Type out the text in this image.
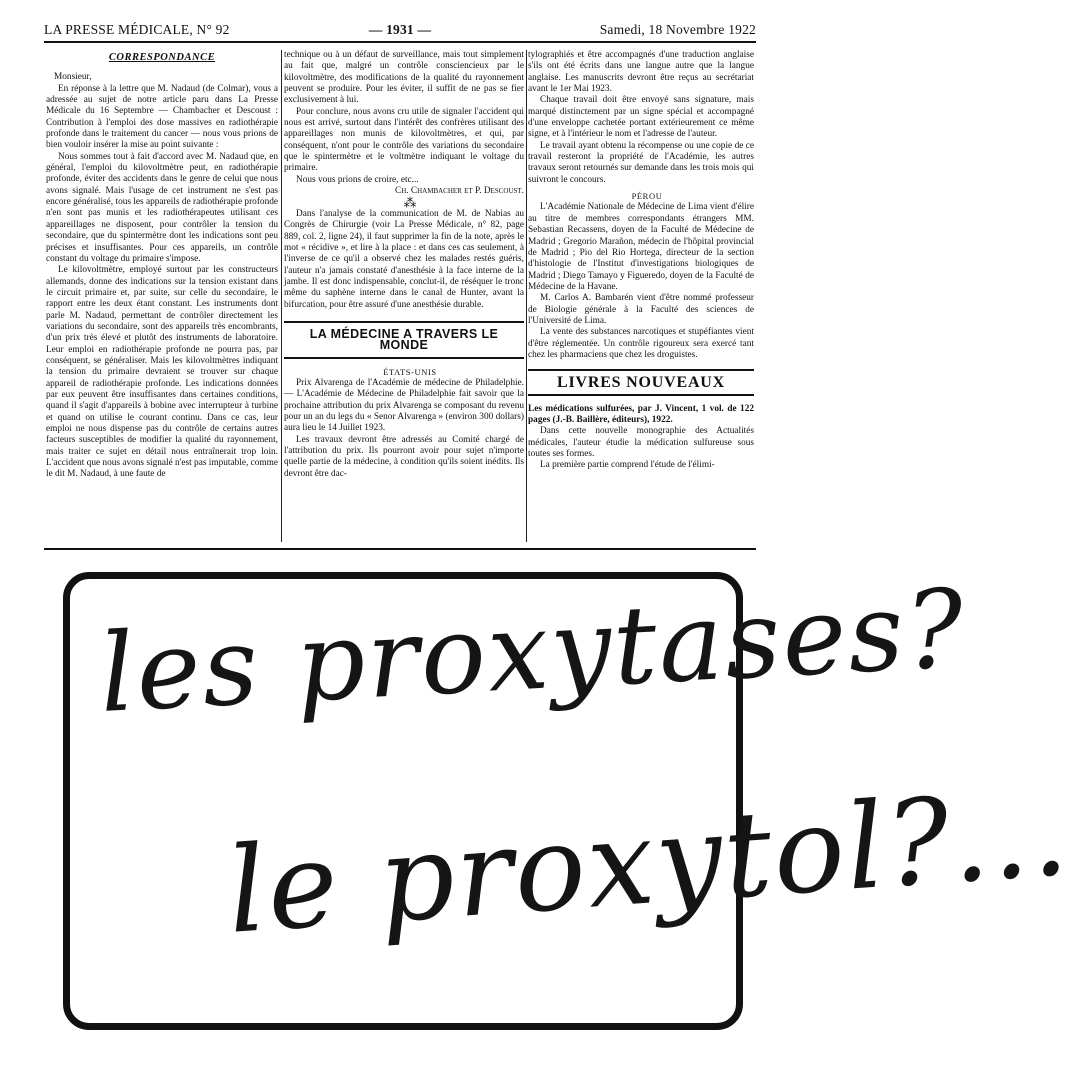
LA PRESSE MÉDICALE, N° 92	— 1931 —	Samedi, 18 Novembre 1922
CORRESPONDANCE

Monsieur,

En réponse à la lettre que M. Nadaud (de Colmar), vous a adressée au sujet de notre article paru dans La Presse Médicale du 16 Septembre — Chambacher et Descoust : Contribution à l'emploi des dose massives en radiothérapie profonde dans le traitement du cancer — nous vous prions de bien vouloir insérer la mise au point suivante :

Nous sommes tout à fait d'accord avec M. Nadaud que, en général, l'emploi du kilovoltmètre peut, en radiothérapie profonde, éviter des accidents dans le genre de celui que nous avons signalé. Mais l'usage de cet instrument ne s'est pas encore généralisé, tous les appareils de radiothérapie profonde n'en sont pas munis et les radiothérapeutes utilisant ces appareillages ne disposent, pour contrôler la tension du secondaire, que du spintermètre dont les indications sont peu précises et insuffisantes. Pour ces appareils, un contrôle constant du voltage du primaire s'impose.

Le kilovoltmètre, employé surtout par les constructeurs allemands, donne des indications sur la tension existant dans le circuit primaire et, par suite, sur celle du secondaire, le rapport entre les deux étant constant. Les instruments dont parle M. Nadaud, permettant de contrôler directement les variations du secondaire, sont des appareils très encombrants, d'un prix très élevé et plutôt des instruments de laboratoire. Leur emploi en radiothérapie profonde ne pourra pas, par conséquent, se généraliser. Mais les kilovoltmètres indiquant la tension du primaire devraient se trouver sur chaque appareil de radiothérapie profonde. Les indications données par eux peuvent être insuffisantes dans certaines conditions, quand il s'agit d'appareils à bobine avec interrupteur à turbine et quand on utilise le courant continu. Dans ce cas, leur emploi ne nous dispense pas du contrôle de certains autres facteurs susceptibles de modifier la qualité du rayonnement, mais traiter ce sujet en détail nous entraînerait trop loin. L'accident que nous avons signalé n'est pas imputable, comme le dit M. Nadaud, à une faute de

technique ou à un défaut de surveillance, mais tout simplement au fait que, malgré un contrôle consciencieux par le kilovoltmètre, des modifications de la qualité du rayonnement peuvent se produire. Pour les éviter, il suffit de ne pas se fier exclusivement à lui.

Pour conclure, nous avons cru utile de signaler l'accident qui nous est arrivé, surtout dans l'intérêt des confrères utilisant des appareillages non munis de kilovoltmètres, et qui, par conséquent, n'ont pour le contrôle des variations du secondaire que le spintermètre et le voltmètre indiquant le voltage du primaire.

Nous vous prions de croire, etc...

Ch. Chambacher et P. Descoust.

⁂

Dans l'analyse de la communication de M. de Nabias au Congrès de Chirurgie (voir La Presse Médicale, n° 82, page 889, col. 2, ligne 24), il faut supprimer la fin de la note, après le mot « récidive », et lire à la place : et dans ces cas seulement, à l'inverse de ce qu'il a observé chez les malades restés guéris, l'auteur n'a jamais constaté d'anesthésie à la face interne de la jambe. Il est donc indispensable, conclut-il, de réséquer le tronc même du saphène interne dans le canal de Hunter, avant la bifurcation, pour être assuré d'une anesthésie durable.

LA MÉDECINE A TRAVERS LE MONDE

ÉTATS-UNIS

Prix Alvarenga de l'Académie de médecine de Philadelphie. — L'Académie de Médecine de Philadelphie fait savoir que la prochaine attribution du prix Alvarenga se composant du revenu pour un an du legs du « Senor Alvarenga » (environ 300 dollars) aura lieu le 14 Juillet 1923.

Les travaux devront être adressés au Comité chargé de l'attribution du prix. Ils pourront avoir pour sujet n'importe quelle partie de la médecine, à condition qu'ils soient inédits. Ils devront être dac-

tylographiés et être accompagnés d'une traduction anglaise s'ils ont été écrits dans une langue autre que la langue anglaise. Les manuscrits devront être reçus au secrétariat avant le 1er Mai 1923.

Chaque travail doit être envoyé sans signature, mais marqué distinctement par un signe spécial et accompagné d'une enveloppe cachetée portant extérieurement ce même signe, et à l'intérieur le nom et l'adresse de l'auteur.

Le travail ayant obtenu la récompense ou une copie de ce travail resteront la propriété de l'Académie, les autres travaux seront retournés sur demande dans les trois mois qui suivront le concours.

PÉROU

L'Académie Nationale de Médecine de Lima vient d'élire au titre de membres correspondants étrangers MM. Sebastian Recassens, doyen de la Faculté de Médecine de Madrid ; Gregorio Marañon, médecin de l'hôpital provincial de Madrid ; Pio del Rio Hortega, directeur de la section d'histologie de l'Institut d'investigations biologiques de Madrid ; Diego Tamayo y Figueredo, doyen de la Faculté de Médecine de la Havane.

M. Carlos A. Bambarén vient d'être nommé professeur de Biologie générale à la Faculté des sciences de l'Université de Lima.

La vente des substances narcotiques et stupéfiantes vient d'être réglementée. Un contrôle rigoureux sera exercé tant chez les pharmaciens que chez les droguistes.

LIVRES NOUVEAUX

Les médications sulfurées, par J. Vincent, 1 vol. de 122 pages (J.-B. Baillère, éditeurs), 1922.

Dans cette nouvelle monographie des Actualités médicales, l'auteur étudie la médication sulfureuse sous toutes ses formes.

La première partie comprend l'étude de l'élimi-

les proxytases?
le proxytol?...
